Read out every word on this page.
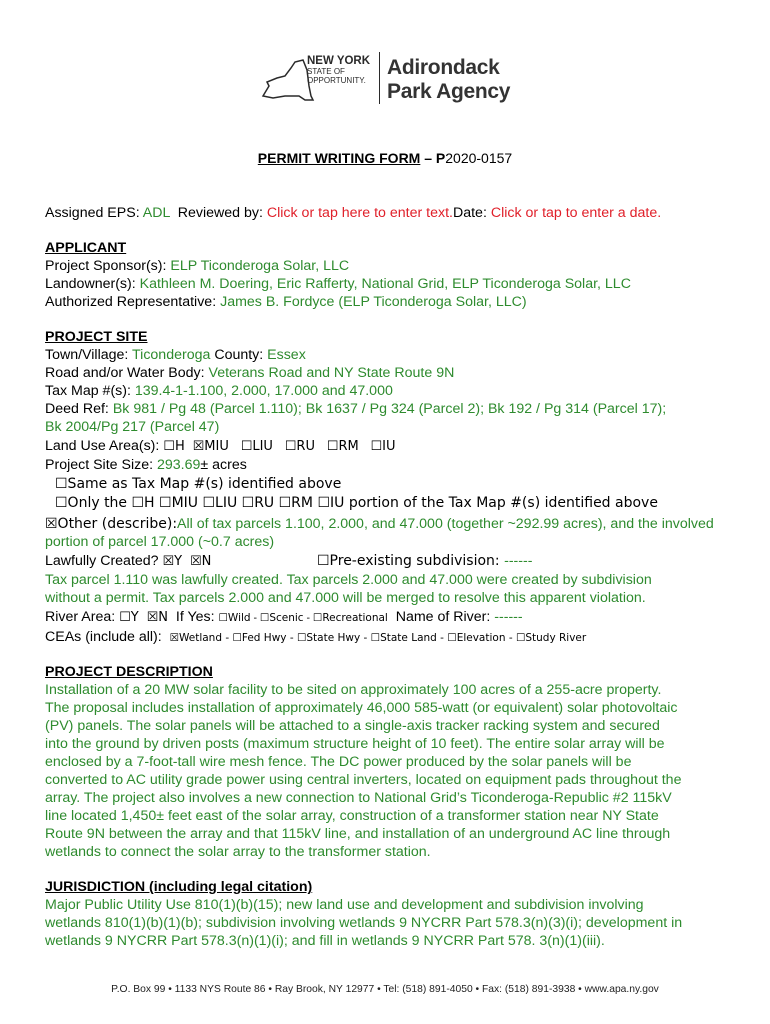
NEW YORK
STATE OF
OPPORTUNITY.
Adirondack
Park Agency
PERMIT WRITING FORM – P2020-0157
Assigned EPS: ADL  Reviewed by: Click or tap here to enter text.Date: Click or tap to enter a date.
APPLICANT
Project Sponsor(s): ELP Ticonderoga Solar, LLC
Landowner(s): Kathleen M. Doering, Eric Rafferty, National Grid, ELP Ticonderoga Solar, LLC
Authorized Representative: James B. Fordyce (ELP Ticonderoga Solar, LLC)
PROJECT SITE
Town/Village: Ticonderoga County: Essex
Road and/or Water Body: Veterans Road and NY State Route 9N
Tax Map #(s): 139.4-1-1.100, 2.000, 17.000 and 47.000
Deed Ref: Bk 981 / Pg 48 (Parcel 1.110); Bk 1637 / Pg 324 (Parcel 2); Bk 192 / Pg 314 (Parcel 17);
Bk 2004/Pg 217 (Parcel 47)
Land Use Area(s): ☐H ☒MIU ☐LIU ☐RU ☐RM ☐IU
Project Site Size: 293.69± acres
☐Same as Tax Map #(s) identified above
☐Only the ☐H ☐MIU ☐LIU ☐RU ☐RM ☐IU portion of the Tax Map #(s) identified above
☒Other (describe):All of tax parcels 1.100, 2.000, and 47.000 (together ~292.99 acres), and the involved
portion of parcel 17.000 (~0.7 acres)
Lawfully Created? ☒Y ☒N	☐Pre-existing subdivision: ------
Tax parcel 1.110 was lawfully created. Tax parcels 2.000 and 47.000 were created by subdivision
without a permit. Tax parcels 2.000 and 47.000 will be merged to resolve this apparent violation.
River Area: ☐Y ☒N  If Yes: ☐Wild - ☐Scenic - ☐Recreational  Name of River: ------
CEAs (include all):  ☒Wetland - ☐Fed Hwy - ☐State Hwy - ☐State Land - ☐Elevation - ☐Study River
PROJECT DESCRIPTION
Installation of a 20 MW solar facility to be sited on approximately 100 acres of a 255-acre property.
The proposal includes installation of approximately 46,000 585-watt (or equivalent) solar photovoltaic
(PV) panels. The solar panels will be attached to a single-axis tracker racking system and secured
into the ground by driven posts (maximum structure height of 10 feet). The entire solar array will be
enclosed by a 7-foot-tall wire mesh fence. The DC power produced by the solar panels will be
converted to AC utility grade power using central inverters, located on equipment pads throughout the
array. The project also involves a new connection to National Grid’s Ticonderoga-Republic #2 115kV
line located 1,450± feet east of the solar array, construction of a transformer station near NY State
Route 9N between the array and that 115kV line, and installation of an underground AC line through
wetlands to connect the solar array to the transformer station.
JURISDICTION (including legal citation)
Major Public Utility Use 810(1)(b)(15); new land use and development and subdivision involving
wetlands 810(1)(b)(1)(b); subdivision involving wetlands 9 NYCRR Part 578.3(n)(3)(i); development in
wetlands 9 NYCRR Part 578.3(n)(1)(i); and fill in wetlands 9 NYCRR Part 578. 3(n)(1)(iii).
P.O. Box 99 • 1133 NYS Route 86 • Ray Brook, NY 12977 • Tel: (518) 891-4050 • Fax: (518) 891-3938 • www.apa.ny.gov
